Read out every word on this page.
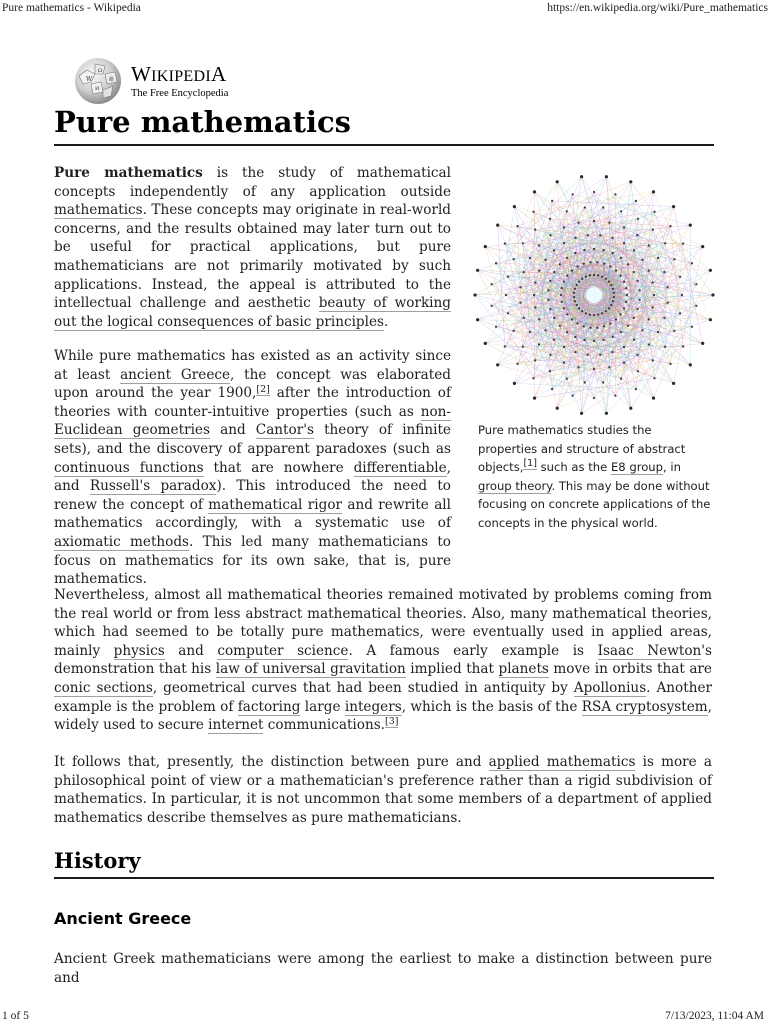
Pure mathematics - Wikipedia	https://en.wikipedia.org/wiki/Pure_mathematics
W
Ω
維
И
WIKIPEDIA
The Free Encyclopedia
Pure mathematics

Pure mathematics is the study of mathematical concepts independently of any application outside mathematics. These concepts may originate in real-world concerns, and the results obtained may later turn out to be useful for practical applications, but pure mathematicians are not primarily motivated by such applications. Instead, the appeal is attributed to the intellectual challenge and aesthetic beauty of working out the logical consequences of basic principles.

While pure mathematics has existed as an activity since at least ancient Greece, the concept was elaborated upon around the year 1900,[2] after the introduction of theories with counter-intuitive properties (such as non-Euclidean geometries and Cantor's theory of infinite sets), and the discovery of apparent paradoxes (such as continuous functions that are nowhere differentiable, and Russell's paradox). This introduced the need to renew the concept of mathematical rigor and rewrite all mathematics accordingly, with a systematic use of axiomatic methods. This led many mathematicians to focus on mathematics for its own sake, that is, pure mathematics.

Pure mathematics studies the properties and structure of abstract objects,[1] such as the E8 group, in group theory. This may be done without focusing on concrete applications of the concepts in the physical world.

Nevertheless, almost all mathematical theories remained motivated by problems coming from the real world or from less abstract mathematical theories. Also, many mathematical theories, which had seemed to be totally pure mathematics, were eventually used in applied areas, mainly physics and computer science. A famous early example is Isaac Newton's demonstration that his law of universal gravitation implied that planets move in orbits that are conic sections, geometrical curves that had been studied in antiquity by Apollonius. Another example is the problem of factoring large integers, which is the basis of the RSA cryptosystem, widely used to secure internet communications.[3]

It follows that, presently, the distinction between pure and applied mathematics is more a philosophical point of view or a mathematician's preference rather than a rigid subdivision of mathematics. In particular, it is not uncommon that some members of a department of applied mathematics describe themselves as pure mathematicians.

History
Ancient Greece

Ancient Greek mathematicians were among the earliest to make a distinction between pure and

1 of 5	7/13/2023, 11:04 AM
